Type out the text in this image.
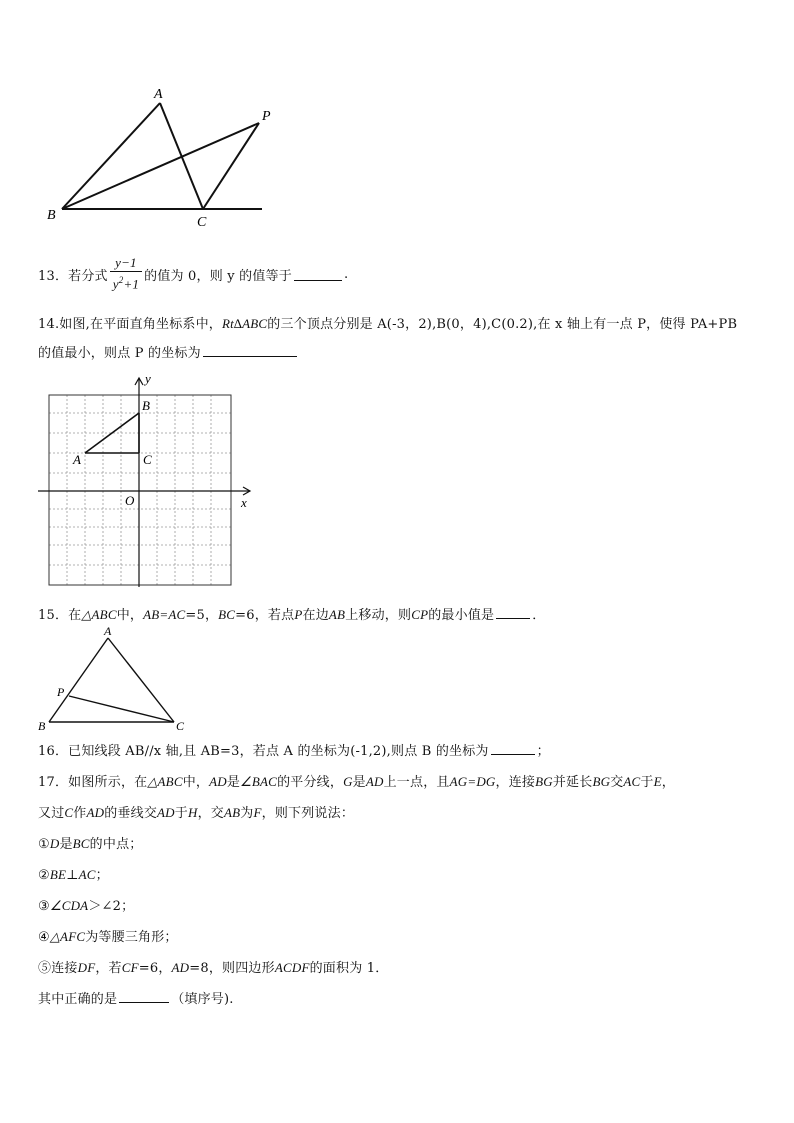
A
P
B	C
13．若分式 $\frac{y-1}{y^2+1}$ 的值为 0，则 y 的值等于	.
14.如图,在平面直角坐标系中，Rt∆ABC的三个顶点分别是 A(-3，2),B(0，4),C(0.2),在 x 轴上有一点 P，使得 PA+PB
的值最小，则点 P 的坐标为
y
B
A	C
O	x
15．在△ABC中，AB=AC=5，BC=6，若点P在边AB上移动，则CP的最小值是	．
A
P
B	C
16．已知线段 AB//x 轴,且 AB=3，若点 A 的坐标为(-1,2),则点 B 的坐标为	；
17．如图所示，在△ABC中，AD是∠BAC的平分线，G是AD上一点，且AG=DG，连接BG并延长BG交AC于E，
又过C作AD的垂线交AD于H，交AB为F，则下列说法：
①D是BC的中点；
②BE⊥AC；
③∠CDA＞∠2；
④△AFC为等腰三角形；
⑤连接DF，若CF=6，AD=8，则四边形ACDF的面积为 1．
其中正确的是	（填序号).
